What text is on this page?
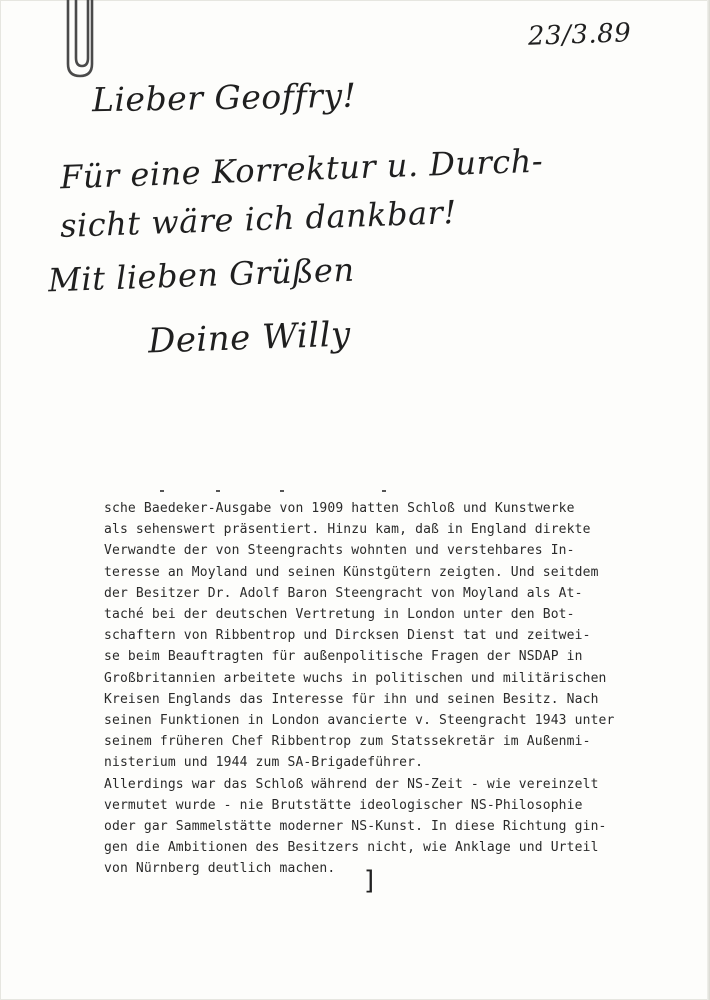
23/3.89
Lieber Geoffry!
Für eine Korrektur u. Durch-
sicht wäre ich dankbar!
Mit lieben Grüßen
Deine Willy
sche Baedeker-Ausgabe von 1909 hatten Schloß und Kunstwerke
als sehenswert präsentiert. Hinzu kam, daß in England direkte
Verwandte der von Steengrachts wohnten und verstehbares In-
teresse an Moyland und seinen Künstgütern zeigten. Und seitdem
der Besitzer Dr. Adolf Baron Steengracht von Moyland als At-
taché bei der deutschen Vertretung in London unter den Bot-
schaftern von Ribbentrop und Dircksen Dienst tat und zeitwei-
se beim Beauftragten für außenpolitische Fragen der NSDAP in
Großbritannien arbeitete wuchs in politischen und militärischen
Kreisen Englands das Interesse für ihn und seinen Besitz. Nach
seinen Funktionen in London avancierte v. Steengracht 1943 unter
seinem früheren Chef Ribbentrop zum Statssekretär im Außenmi-
nisterium und 1944 zum SA-Brigadeführer.
Allerdings war das Schloß während der NS-Zeit - wie vereinzelt
vermutet wurde - nie Brutstätte ideologischer NS-Philosophie
oder gar Sammelstätte moderner NS-Kunst. In diese Richtung gin-
gen die Ambitionen des Besitzers nicht, wie Anklage und Urteil
von Nürnberg deutlich machen.	]
